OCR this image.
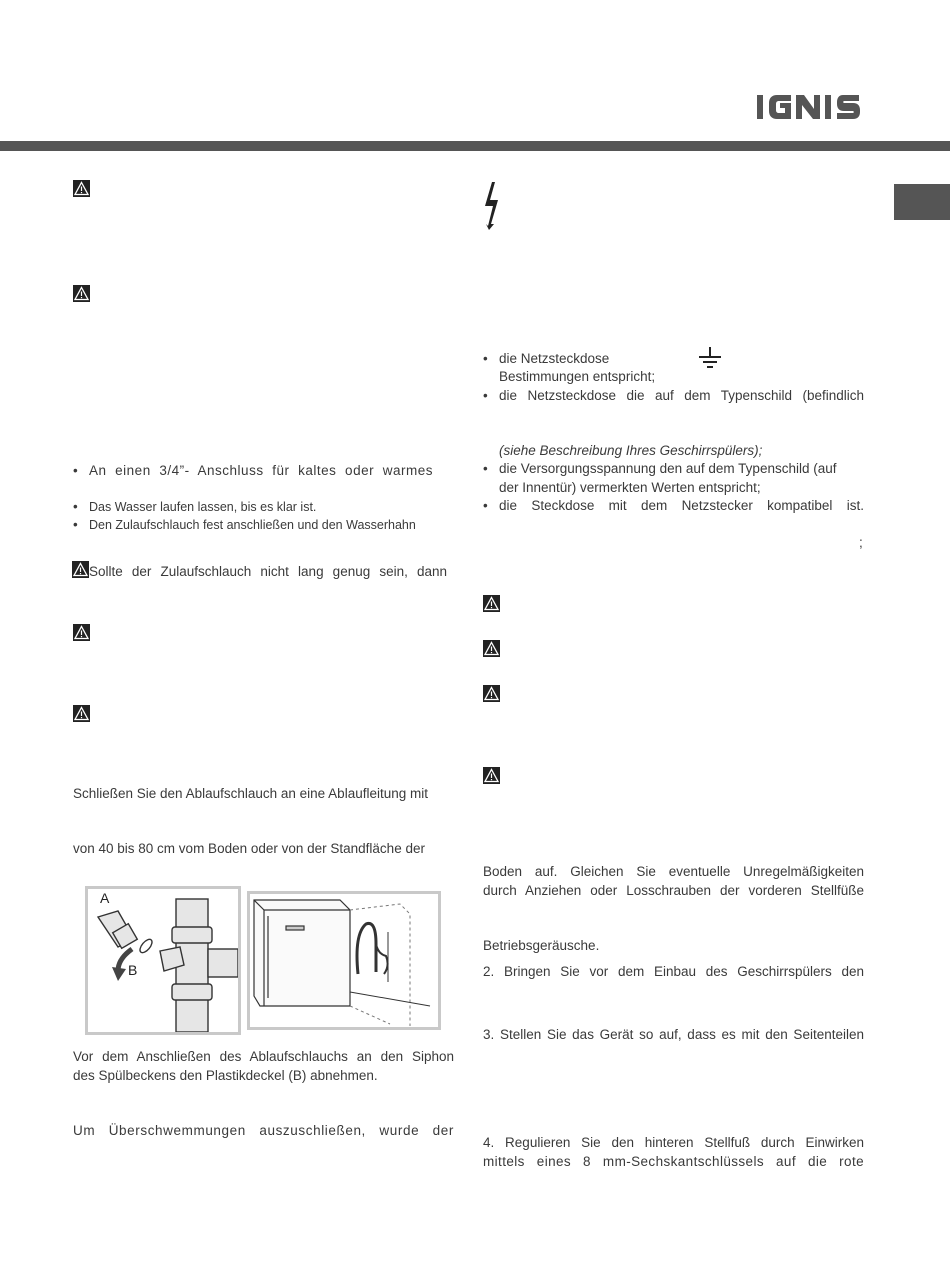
• An einen 3/4”- Anschluss für kaltes oder warmes
• Das Wasser laufen lassen, bis es klar ist.
• Den Zulaufschlauch fest anschließen und den Wasserhahn
Sollte der Zulaufschlauch nicht lang genug sein, dann
Schließen Sie den Ablaufschlauch an eine Ablaufleitung mit
von 40 bis 80 cm vom Boden oder von der Standfläche der
A
B
Vor dem Anschließen des Ablaufschlauchs an den Siphon
des Spülbeckens den Plastikdeckel (B) abnehmen.
Um Überschwemmungen auszuschließen, wurde der
• die Netzsteckdose
Bestimmungen entspricht;
• die Netzsteckdose die auf dem Typenschild (befindlich
(siehe Beschreibung Ihres Geschirrspülers);
• die Versorgungsspannung den auf dem Typenschild (auf
der Innentür) vermerkten Werten entspricht;
• die Steckdose mit dem Netzstecker kompatibel ist.
;
Boden auf. Gleichen Sie eventuelle Unregelmäßigkeiten
durch Anziehen oder Losschrauben der vorderen Stellfüße
Betriebsgeräusche.
2. Bringen Sie vor dem Einbau des Geschirrspülers den
3. Stellen Sie das Gerät so auf, dass es mit den Seitenteilen
4. Regulieren Sie den hinteren Stellfuß durch Einwirken
mittels eines 8 mm-Sechskantschlüssels auf die rote
